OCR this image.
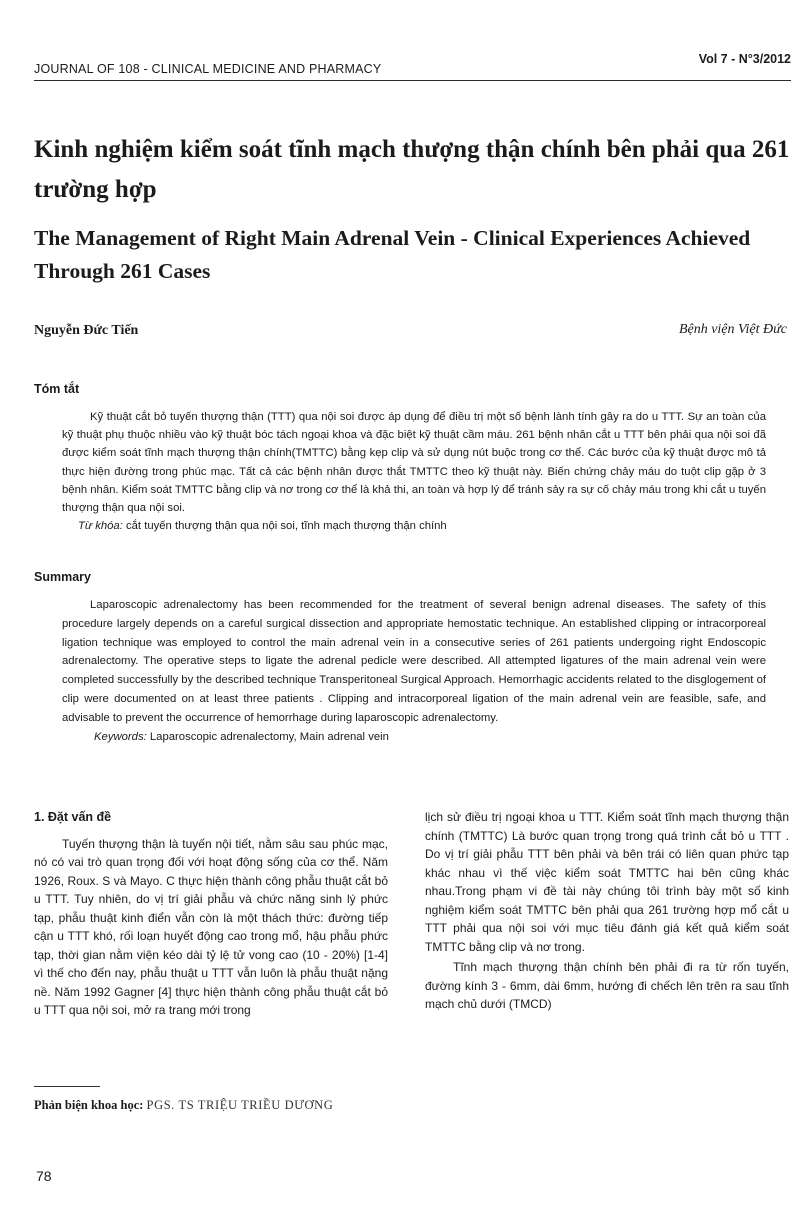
JOURNAL OF 108 - CLINICAL MEDICINE AND PHARMACY
Vol 7 - N°3/2012
Kinh nghiệm kiểm soát tĩnh mạch thượng thận chính bên phải qua 261 trường hợp
The Management of Right Main Adrenal Vein - Clinical Experiences Achieved Through 261 Cases
Nguyễn Đức Tiến	Bệnh viện Việt Đức
Tóm tắt

Kỹ thuật cắt bỏ tuyến thượng thận (TTT) qua nội soi được áp dụng để điều trị một số bệnh lành tính gây ra do u TTT. Sự an toàn của kỹ thuật phụ thuộc nhiều vào kỹ thuật bóc tách ngoại khoa và đặc biệt kỹ thuật cầm máu. 261 bệnh nhân cắt u TTT bên phải qua nội soi đã được kiểm soát tĩnh mạch thượng thận chính(TMTTC) bằng kẹp clip và sử dụng nút buộc trong cơ thể. Các bước của kỹ thuật được mô tả thực hiện đường trong phúc mạc. Tất cả các bệnh nhân được thắt TMTTC theo kỹ thuật này. Biến chứng chảy máu do tuột clip gặp ở 3 bệnh nhân. Kiểm soát TMTTC bằng clip và nơ trong cơ thể là khả thi, an toàn và hợp lý để tránh sảy ra sự cố chảy máu trong khi cắt u tuyến thượng thận qua nội soi.

Từ khóa: cắt tuyến thượng thận qua nội soi, tĩnh mạch thượng thận chính

Summary

Laparoscopic adrenalectomy has been recommended for the treatment of several benign adrenal diseases. The safety of this procedure largely depends on a careful surgical dissection and appropriate hemostatic technique. An established clipping or intracorporeal ligation technique was employed to control the main adrenal vein in a consecutive series of 261 patients undergoing right Endoscopic adrenalectomy. The operative steps to ligate the adrenal pedicle were described. All attempted ligatures of the main adrenal vein were completed successfully by the described technique Transperitoneal Surgical Approach. Hemorrhagic accidents related to the disglogement of clip were documented on at least three patients . Clipping and intracorporeal ligation of the main adrenal vein are feasible, safe, and advisable to prevent the occurrence of hemorrhage during laparoscopic adrenalectomy.

Keywords: Laparoscopic adrenalectomy, Main adrenal vein

1. Đặt vấn đề

Tuyến thượng thận là tuyến nội tiết, nằm sâu sau phúc mạc, nó có vai trò quan trọng đối với hoạt động sống của cơ thể. Năm 1926, Roux. S và Mayo. C thực hiện thành công phẫu thuật cắt bỏ u TTT. Tuy nhiên, do vị trí giải phẫu và chức năng sinh lý phức tạp, phẫu thuật kinh điển vẫn còn là một thách thức: đường tiếp cận u TTT khó, rối loạn huyết động cao trong mổ, hậu phẫu phức tạp, thời gian nằm viện kéo dài tỷ lệ tử vong cao (10 - 20%) [1-4] vì thế cho đến nay, phẫu thuật u TTT vẫn luôn là phẫu thuật nặng nề. Năm 1992 Gagner [4] thực hiện thành công phẫu thuật cắt bỏ u TTT qua nội soi, mở ra trang mới trong

lịch sử điều trị ngoại khoa u TTT. Kiểm soát tĩnh mạch thượng thận chính (TMTTC) Là bước quan trọng trong quá trình cắt bỏ u TTT . Do vị trí giải phẫu TTT bên phải và bên trái có liên quan phức tạp khác nhau vì thế việc kiểm soát TMTTC hai bên cũng khác nhau.Trong phạm vi đề tài này chúng tôi trình bày một số kinh nghiệm kiểm soát TMTTC bên phải qua 261 trường hợp mổ cắt u TTT phải qua nội soi với mục tiêu đánh giá kết quả kiểm soát TMTTC bằng clip và nơ trong.

Tĩnh mạch thượng thận chính bên phải đi ra từ rốn tuyến, đường kính 3 - 6mm, dài 6mm, hướng đi chếch lên trên ra sau tĩnh mạch chủ dưới (TMCD)

Phản biện khoa học: PGS. TS TRIỆU TRIỀU DƯƠNG
78
